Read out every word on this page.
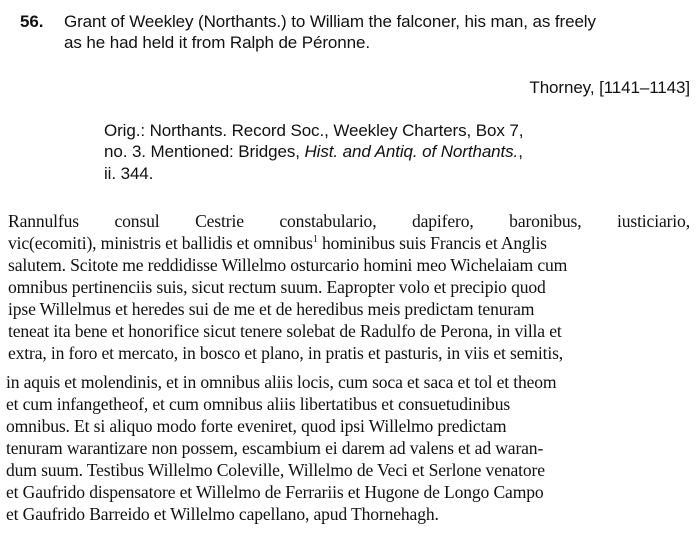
56. Grant of Weekley (Northants.) to William the falconer, his man, as freely
as he had held it from Ralph de Péronne.
Thorney, [1141–1143]
Orig.: Northants. Record Soc., Weekley Charters, Box 7,
no. 3. Mentioned: Bridges, Hist. and Antiq. of Northants.,
ii. 344.
Rannulfus consul Cestrie constabulario, dapifero, baronibus, iusticiario,
vic(ecomiti), ministris et ballidis et omnibus$^1$ hominibus suis Francis et Anglis
salutem. Scitote me reddidisse Willelmo osturcario homini meo Wichelaiam cum
omnibus pertinenciis suis, sicut rectum suum. Eapropter volo et precipio quod
ipse Willelmus et heredes sui de me et de heredibus meis predictam tenuram
teneat ita bene et honorifice sicut tenere solebat de Radulfo de Perona, in villa et
extra, in foro et mercato, in bosco et plano, in pratis et pasturis, in viis et semitis,
in aquis et molendinis, et in omnibus aliis locis, cum soca et saca et tol et theom
et cum infangetheof, et cum omnibus aliis libertatibus et consuetudinibus
omnibus. Et si aliquo modo forte eveniret, quod ipsi Willelmo predictam
tenuram warantizare non possem, escambium ei darem ad valens et ad waran-
dum suum. Testibus Willelmo Coleville, Willelmo de Veci et Serlone venatore
et Gaufrido dispensatore et Willelmo de Ferrariis et Hugone de Longo Campo
et Gaufrido Barreido et Willelmo capellano, apud Thornehagh.
